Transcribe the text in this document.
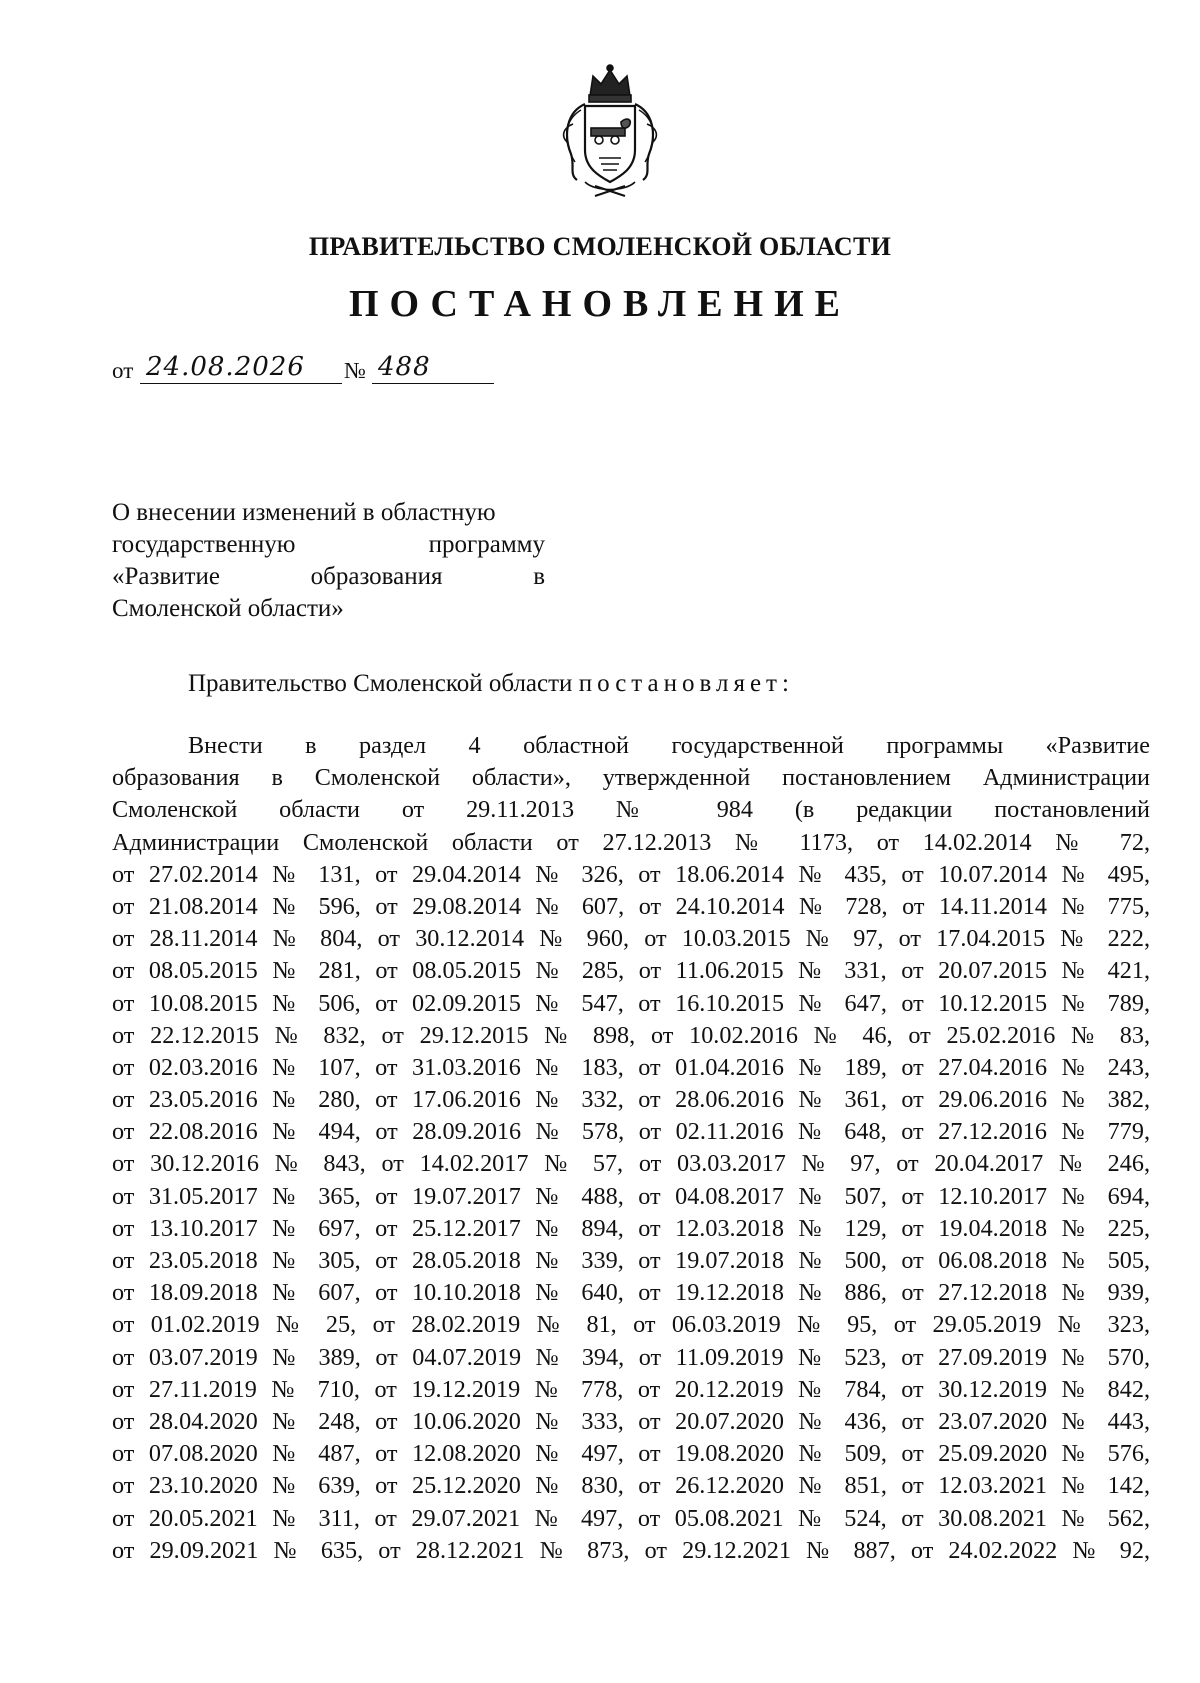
ПРАВИТЕЛЬСТВО СМОЛЕНСКОЙ ОБЛАСТИ
ПОСТАНОВЛЕНИЕ
от 24.08.2026	№ 488
О внесении изменений в областную
государственную	программу
«Развитие	образования	в
Смоленской области»
Правительство Смоленской области постановляет:
Внести в раздел 4 областной государственной программы «Развитие
образования в Смоленской области», утвержденной постановлением Администрации
Смоленской области от 29.11.2013 № 984 (в редакции постановлений
Администрации Смоленской области от 27.12.2013 № 1173, от 14.02.2014 № 72,
от 27.02.2014 № 131, от 29.04.2014 № 326, от 18.06.2014 № 435, от 10.07.2014 № 495,
от 21.08.2014 № 596, от 29.08.2014 № 607, от 24.10.2014 № 728, от 14.11.2014 № 775,
от 28.11.2014 № 804, от 30.12.2014 № 960, от 10.03.2015 № 97, от 17.04.2015 № 222,
от 08.05.2015 № 281, от 08.05.2015 № 285, от 11.06.2015 № 331, от 20.07.2015 № 421,
от 10.08.2015 № 506, от 02.09.2015 № 547, от 16.10.2015 № 647, от 10.12.2015 № 789,
от 22.12.2015 № 832, от 29.12.2015 № 898, от 10.02.2016 № 46, от 25.02.2016 № 83,
от 02.03.2016 № 107, от 31.03.2016 № 183, от 01.04.2016 № 189, от 27.04.2016 № 243,
от 23.05.2016 № 280, от 17.06.2016 № 332, от 28.06.2016 № 361, от 29.06.2016 № 382,
от 22.08.2016 № 494, от 28.09.2016 № 578, от 02.11.2016 № 648, от 27.12.2016 № 779,
от 30.12.2016 № 843, от 14.02.2017 № 57, от 03.03.2017 № 97, от 20.04.2017 № 246,
от 31.05.2017 № 365, от 19.07.2017 № 488, от 04.08.2017 № 507, от 12.10.2017 № 694,
от 13.10.2017 № 697, от 25.12.2017 № 894, от 12.03.2018 № 129, от 19.04.2018 № 225,
от 23.05.2018 № 305, от 28.05.2018 № 339, от 19.07.2018 № 500, от 06.08.2018 № 505,
от 18.09.2018 № 607, от 10.10.2018 № 640, от 19.12.2018 № 886, от 27.12.2018 № 939,
от 01.02.2019 № 25, от 28.02.2019 № 81, от 06.03.2019 № 95, от 29.05.2019 № 323,
от 03.07.2019 № 389, от 04.07.2019 № 394, от 11.09.2019 № 523, от 27.09.2019 № 570,
от 27.11.2019 № 710, от 19.12.2019 № 778, от 20.12.2019 № 784, от 30.12.2019 № 842,
от 28.04.2020 № 248, от 10.06.2020 № 333, от 20.07.2020 № 436, от 23.07.2020 № 443,
от 07.08.2020 № 487, от 12.08.2020 № 497, от 19.08.2020 № 509, от 25.09.2020 № 576,
от 23.10.2020 № 639, от 25.12.2020 № 830, от 26.12.2020 № 851, от 12.03.2021 № 142,
от 20.05.2021 № 311, от 29.07.2021 № 497, от 05.08.2021 № 524, от 30.08.2021 № 562,
от 29.09.2021 № 635, от 28.12.2021 № 873, от 29.12.2021 № 887, от 24.02.2022 № 92,
